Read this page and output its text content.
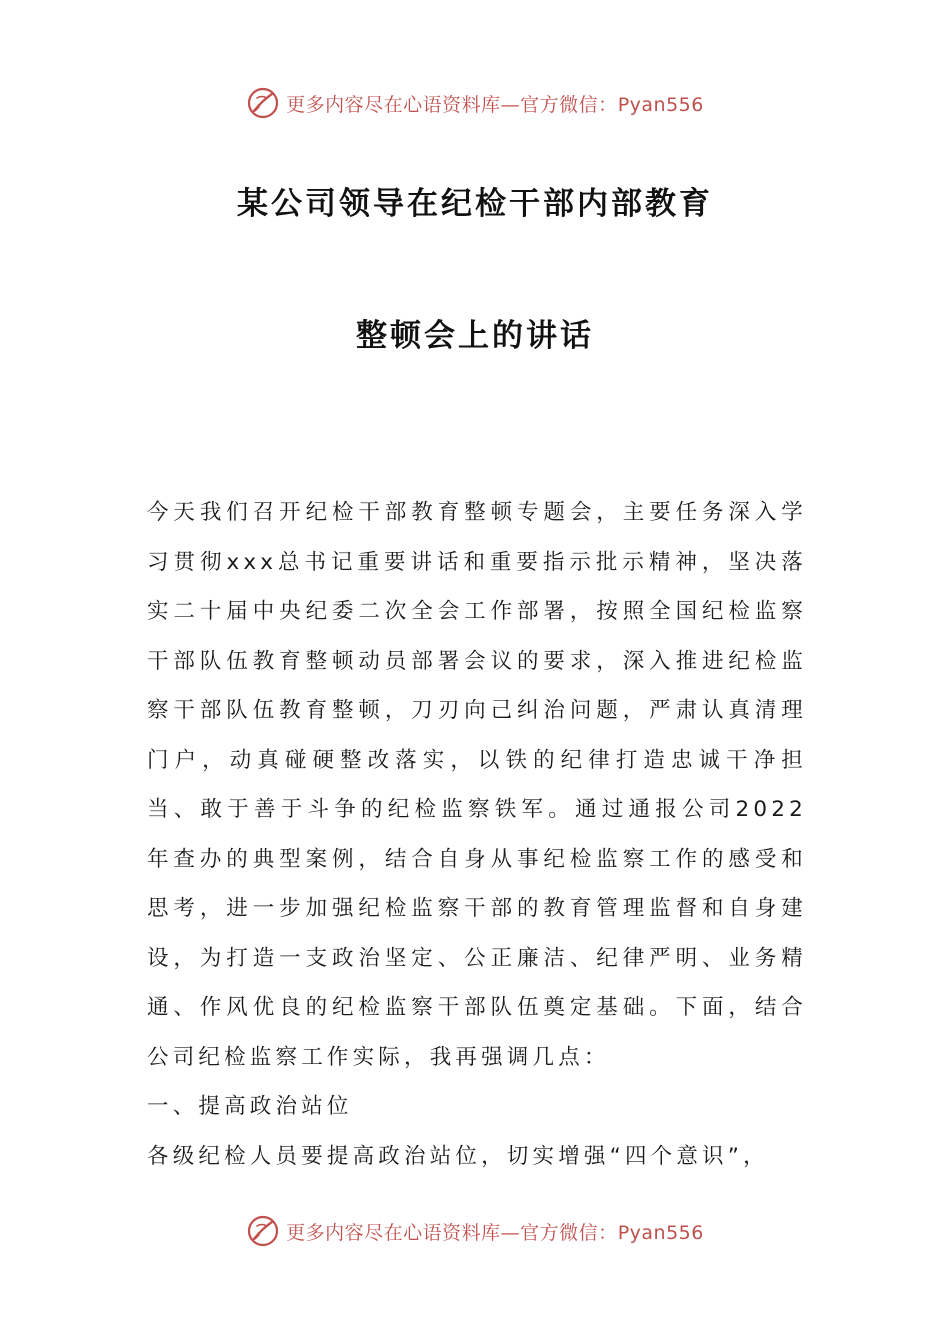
更多内容尽在心语资料库—官方微信：Pyan556
某公司领导在纪检干部内部教育
整顿会上的讲话

今天我们召开纪检干部教育整顿专题会，主要任务深入学习贯彻xxx总书记重要讲话和重要指示批示精神，坚决落实二十届中央纪委二次全会工作部署，按照全国纪检监察干部队伍教育整顿动员部署会议的要求，深入推进纪检监察干部队伍教育整顿，刀刃向己纠治问题，严肃认真清理门户，动真碰硬整改落实，以铁的纪律打造忠诚干净担当、敢于善于斗争的纪检监察铁军。通过通报公司2022年查办的典型案例，结合自身从事纪检监察工作的感受和思考，进一步加强纪检监察干部的教育管理监督和自身建设，为打造一支政治坚定、公正廉洁、纪律严明、业务精通、作风优良的纪检监察干部队伍奠定基础。下面，结合公司纪检监察工作实际，我再强调几点：

一、提高政治站位

各级纪检人员要提高政治站位，切实增强“四个意识”，

更多内容尽在心语资料库—官方微信：Pyan556
